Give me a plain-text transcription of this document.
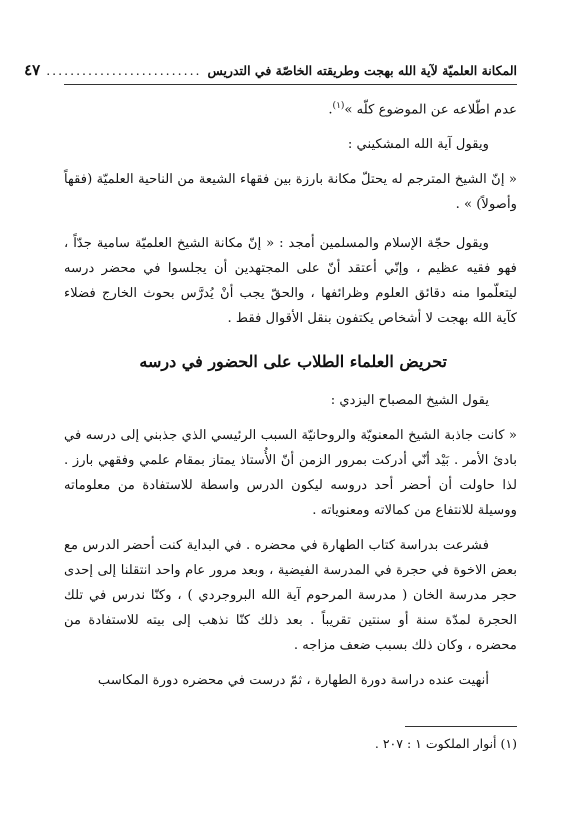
المكانة العلميّة لآية الله بهجت وطريقته الخاصّة في التدريس
..........................
٤٧

عدم اطّلاعه عن الموضوع كلّه »$^{(١)}$.

ويقول آية الله المشكيني :

« إنّ الشيخ المترجم له يحتلّ مكانة بارزة بين فقهاء الشيعة من الناحية العلميّة (فقهاً وأصولاً) » .

ويقول حجّة الإسلام والمسلمين أمجد : « إنّ مكانة الشيخ العلميّة سامية جدّاً ، فهو فقيه عظيم ، وإنّي أعتقد أنّ على المجتهدين أن يجلسوا في محضر درسه ليتعلّموا منه دقائق العلوم وظرائفها ، والحقّ يجب أنْ يُدرَّس بحوث الخارج فضلاء كآية الله بهجت لا أشخاص يكتفون بنقل الأقوال فقط .

تحريض العلماء الطلاب على الحضور في درسه

يقول الشيخ المصباح اليزدي :

« كانت جاذبة الشيخ المعنويّة والروحانيّة السبب الرئيسي الذي جذبني إلى درسه في بادئ الأمر . بَيْد أنّي أدركت بمرور الزمن أنّ الأُستاذ يمتاز بمقام علمي وفقهي بارز . لذا حاولت أن أحضر أحد دروسه ليكون الدرس واسطة للاستفادة من معلوماته ووسيلة للانتفاع من كمالاته ومعنوياته .

فشرعت بدراسة كتاب الطهارة في محضره . في البداية كنت أحضر الدرس مع بعض الاخوة في حجرة في المدرسة الفيضية ، وبعد مرور عام واحد انتقلنا إلى إحدى حجر مدرسة الخان ( مدرسة المرحوم آية الله البروجردي ) ، وكنّا ندرس في تلك الحجرة لمدّة سنة أو سنتين تقريباً . بعد ذلك كنّا نذهب إلى بيته للاستفادة من محضره ، وكان ذلك بسبب ضعف مزاجه .

أنهيت عنده دراسة دورة الطهارة ، ثمّ درست في محضره دورة المكاسب

(١) أنوار الملكوت ١ : ٢٠٧ .
